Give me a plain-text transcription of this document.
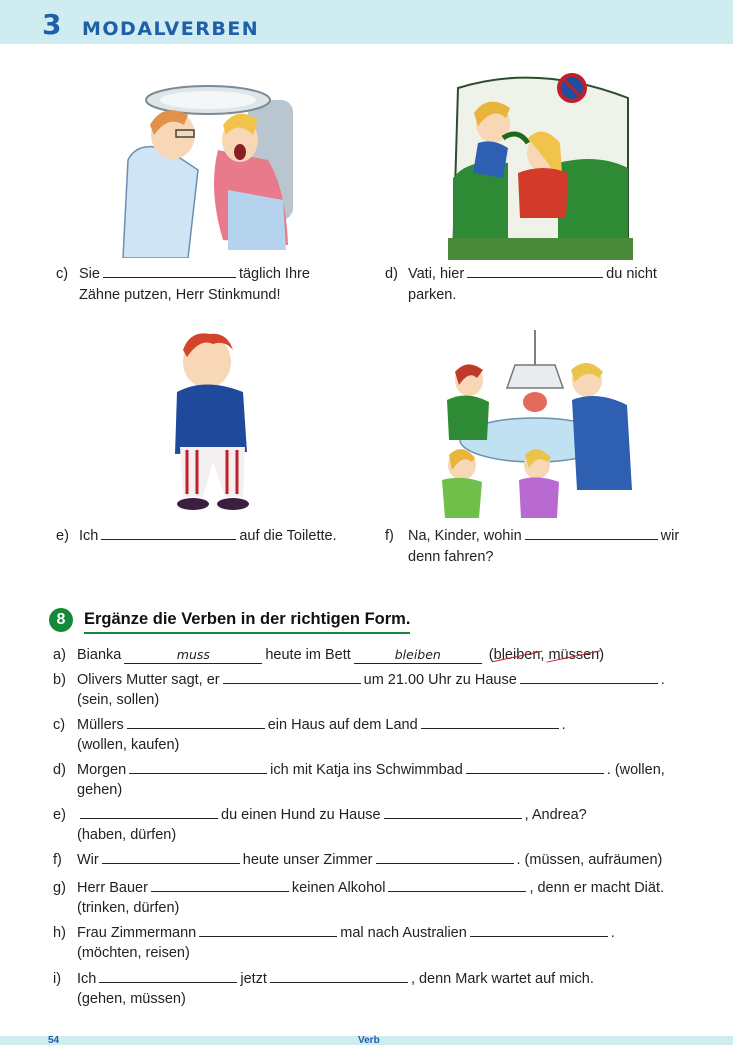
3 MODALVERBEN
c) Sie	täglich Ihre
Zähne putzen, Herr Stinkmund!
d) Vati, hier	du nicht
parken.
e) Ich	auf die Toilette.	f) Na, Kinder, wohin	wir
denn fahren?
8	Ergänze die Verben in der richtigen Form.
a) Bianka	muss	heute im Bett	bleiben	(bleiben, müssen)
b) Olivers Mutter sagt, er	um 21.00 Uhr zu Hause	.
(sein, sollen)
c) Müllers	ein Haus auf dem Land	.
(wollen, kaufen)
d) Morgen	ich mit Katja ins Schwimmbad	. (wollen,
gehen)
e)	du einen Hund zu Hause	, Andrea?
(haben, dürfen)
f) Wir	heute unser Zimmer	. (müssen, aufräumen)
g) Herr Bauer	keinen Alkohol	, denn er macht Diät.
(trinken, dürfen)
h) Frau Zimmermann	mal nach Australien	.
(möchten, reisen)
i) Ich	jetzt	, denn Mark wartet auf mich.
(gehen, müssen)
54	Verb
